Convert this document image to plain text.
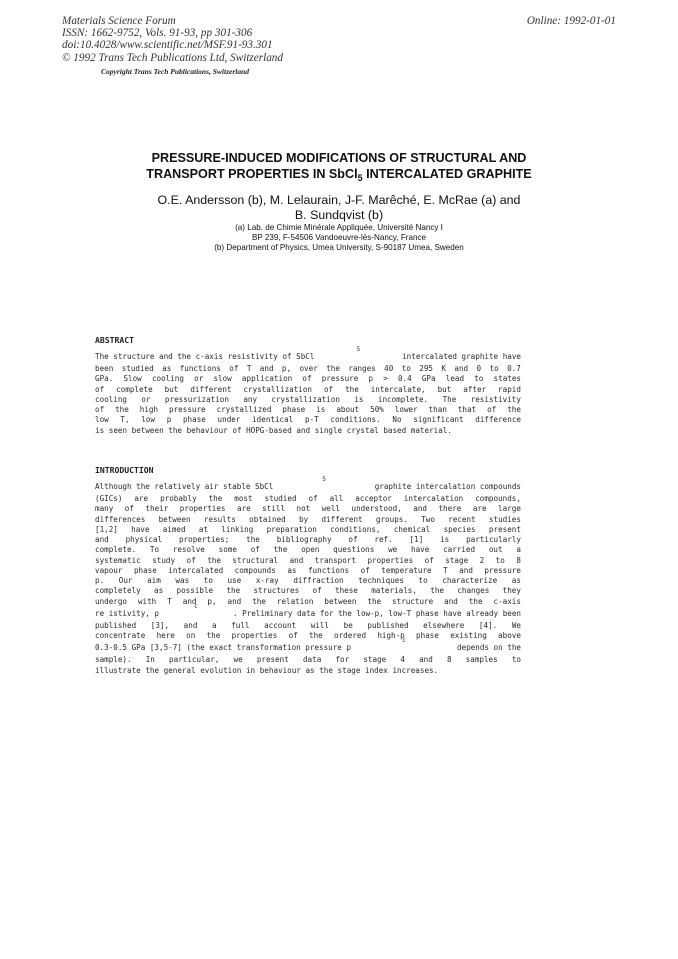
Materials Science Forum
ISSN: 1662-9752, Vols. 91-93, pp 301-306
doi:10.4028/www.scientific.net/MSF.91-93.301
© 1992 Trans Tech Publications Ltd, Switzerland
Online: 1992-01-01
Copyright Trans Tech Publications, Switzerland
PRESSURE-INDUCED MODIFICATIONS OF STRUCTURAL AND
TRANSPORT PROPERTIES IN SbCl$_5$ INTERCALATED GRAPHITE
O.E. Andersson (b), M. Lelaurain, J-F. Marêché, E. McRae (a) and
B. Sundqvist (b)
(a) Lab. de Chimie Minérale Appliquée, Université Nancy I
BP 239, F-54506 Vandoeuvre-lès-Nancy, France
(b) Department of Physics, Umea University, S-90187 Umea, Sweden
ABSTRACT
The structure and the c-axis resistivity of SbCl
5
intercalated graphite have
been studied as functions of T and p, over the ranges 40 to 295 K and 0 to 0.7
GPa. Slow cooling or slow application of pressure p > 0.4 GPa lead to states
of complete but different crystallization of the intercalate, but after rapid
cooling or pressurization any crystallization is incomplete. The resistivity
of the high pressure crystallized phase is about 50% lower than that of the
low T, low p phase under identical p-T conditions. No significant difference
is seen between the behaviour of HOPG-based and single crystal based material.
INTRODUCTION
Although the relatively air stable SbCl
5
graphite intercalation compounds
(GICs) are probably the most studied of all acceptor intercalation compounds,
many of their properties are still not well understood, and there are large
differences between results obtained by different groups. Two recent studies
[1,2] have aimed at linking preparation conditions, chemical species present
and physical properties; the bibliography of ref. [1] is particularly
complete. To resolve some of the open questions we have carried out a
systematic study of the structural and transport properties of stage 2 to 8
vapour phase intercalated compounds as functions of temperature T and pressure
p. Our aim was to use x-ray diffraction techniques to characterize as
completely as possible the structures of these materials, the changes they
undergo with T and p, and the relation between the structure and the c-axis
re istivity, ρ
c
. Preliminary data for the low-p, low-T phase have already been
published [3], and a full account will be published elsewhere [4]. We
concentrate here on the properties of the ordered high-p phase existing above
0.3-0.5 GPa [3,5-7] (the exact transformation pressure p
c
depends on the
sample). In particular, we present data for stage 4 and 8 samples to
illustrate the general evolution in behaviour as the stage index increases.
